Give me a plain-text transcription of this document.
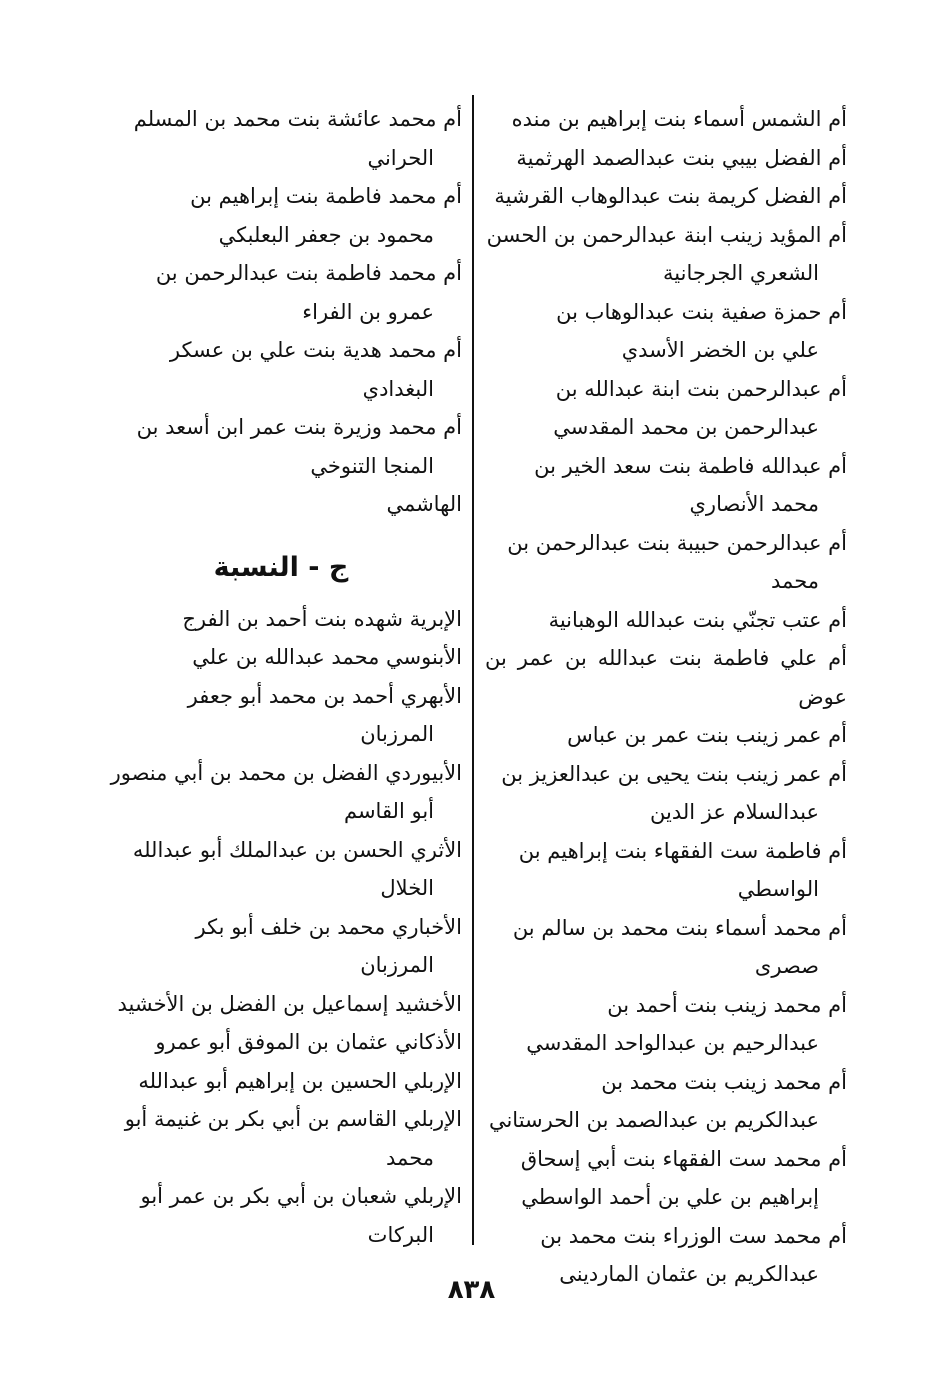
أم الشمس أسماء بنت إبراهيم بن منده
أم الفضل بيبي بنت عبدالصمد الهرثمية
أم الفضل كريمة بنت عبدالوهاب القرشية
أم المؤيد زينب ابنة عبدالرحمن بن الحسن
الشعري الجرجانية
أم حمزة صفية بنت عبدالوهاب بن
علي بن الخضر الأسدي
أم عبدالرحمن بنت ابنة عبدالله بن
عبدالرحمن بن محمد المقدسي
أم عبدالله فاطمة بنت سعد الخير بن
محمد الأنصاري
أم عبدالرحمن حبيبة بنت عبدالرحمن بن
محمد
أم عتب تجنّي بنت عبدالله الوهبانية
أم علي فاطمة بنت عبدالله بن عمر بن عوض
أم عمر زينب بنت عمر بن عباس
أم عمر زينب بنت يحيى بن عبدالعزيز بن
عبدالسلام عز الدين
أم فاطمة ست الفقهاء بنت إبراهيم بن
الواسطي
أم محمد أسماء بنت محمد بن سالم بن
صصرى
أم محمد زينب بنت أحمد بن
عبدالرحيم بن عبدالواحد المقدسي
أم محمد زينب بنت محمد بن
عبدالكريم بن عبدالصمد بن الحرستاني
أم محمد ست الفقهاء بنت أبي إسحاق
إبراهيم بن علي بن أحمد الواسطي
أم محمد ست الوزراء بنت محمد بن
عبدالكريم بن عثمان الماردينى
أم محمد عائشة بنت محمد بن المسلم
الحراني
أم محمد فاطمة بنت إبراهيم بن
محمود بن جعفر البعلبكي
أم محمد فاطمة بنت عبدالرحمن بن
عمرو بن الفراء
أم محمد هدية بنت علي بن عسكر
البغدادي
أم محمد وزيرة بنت عمر ابن أسعد بن
المنجا التنوخي
الهاشمي
ج - النسبة
الإبرية شهده بنت أحمد بن الفرج
الأبنوسي محمد عبدالله بن علي
الأبهري أحمد بن محمد أبو جعفر
المرزبان
الأبيوردي الفضل بن محمد بن أبي منصور
أبو القاسم
الأثري الحسن بن عبدالملك أبو عبدالله
الخلال
الأخباري محمد بن خلف أبو بكر
المرزبان
الأخشيد إسماعيل بن الفضل بن الأخشيد
الأذكاني عثمان بن الموفق أبو عمرو
الإربلي الحسين بن إبراهيم أبو عبدالله
الإربلي القاسم بن أبي بكر بن غنيمة أبو
محمد
الإربلي شعبان بن أبي بكر بن عمر أبو
البركات
٨٣٨
